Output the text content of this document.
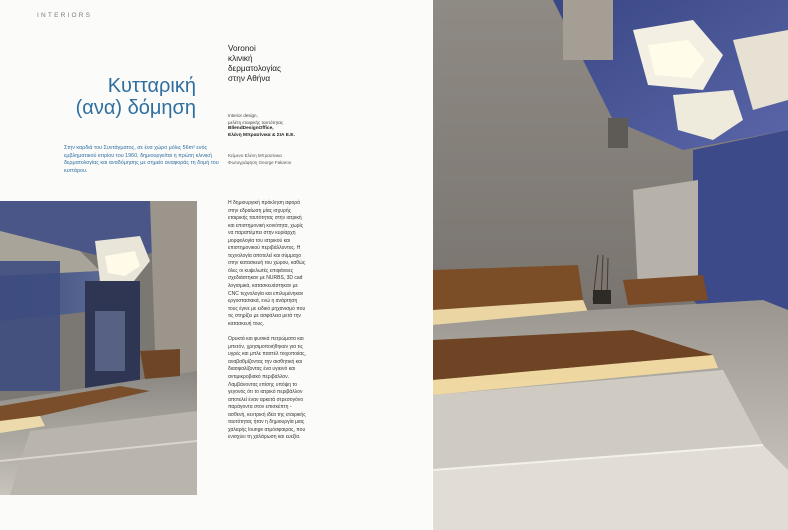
INTERIORS
Κυτταρική
(ανα) δόμηση
Στην καρδιά του Συντάγματος, σε ένα χώρο μόλις 56m² ενός εμβληματικού κτιρίου του 1960, δημιουργείται η πρώτη κλινική δερματολογίας και αναδόμησης με σημείο αναφοράς τη δομή του κυττάρου.
Voronoi
κλινική
δερματολογίας
στην Αθήνα
Interior design,
μελέτη εταιρικής ταυτότητας
BllendDesignOffice,
Ελένη Μπρασίνικα & ΣΙΑ Ε.Ε.
Κείμενο Ελένη Μπρασίνικα
Φωτογράφηση George Fakaros

Η δημιουργική πρόκληση αφορά στην εδραίωση μίας ισχυρής εταιρικής ταυτότητας στην ιατρική και επιστημονική κοινότητα, χωρίς να παραπέμπει στην κυρίαρχη μορφολογία του ιατρικού και επιστημονικού περιβάλλοντος. Η τεχνολογία αποτελεί και σύμμαχο στην κατασκευή του χώρου, καθώς όλες οι κυψελωτές επιφάνειες σχεδιάστηκαν με NURBS, 3D cad λογισμικά, κατασκευάστηκαν με CNC τεχνολογία και επιλυμένηκαν εργοστασιακά, ενώ η ανάρτηση τους έγινε με ειδικό μηχανισμό που τις στηρίζει με ασφάλεια μετά την κατασκευή τους.

Ορυκτά και φυσικά πετρώματα και μπετόν, χρησιμοποιήθηκαν για τις υγρές και μπλε παστέλ τοιχοποιίας, αναβαθμίζοντας την αισθητική και διασφαλίζοντας ένα υγιεινό και αντιμικροβιακό περιβάλλον. Λαμβάνοντας επίσης υπόψη το γεγονός ότι το ιατρικό περιβάλλον αποτελεί έναν αρκετά στρεσογόνο παράγοντα στον επισκέπτη - ασθενή, κεντρική ιδέα της εταιρικής ταυτότητας ήταν η δημιουργία μιας χαλαρής lounge ατμόσφαιρας, που ενισχύει τη χαλάρωση και ευεξία.
